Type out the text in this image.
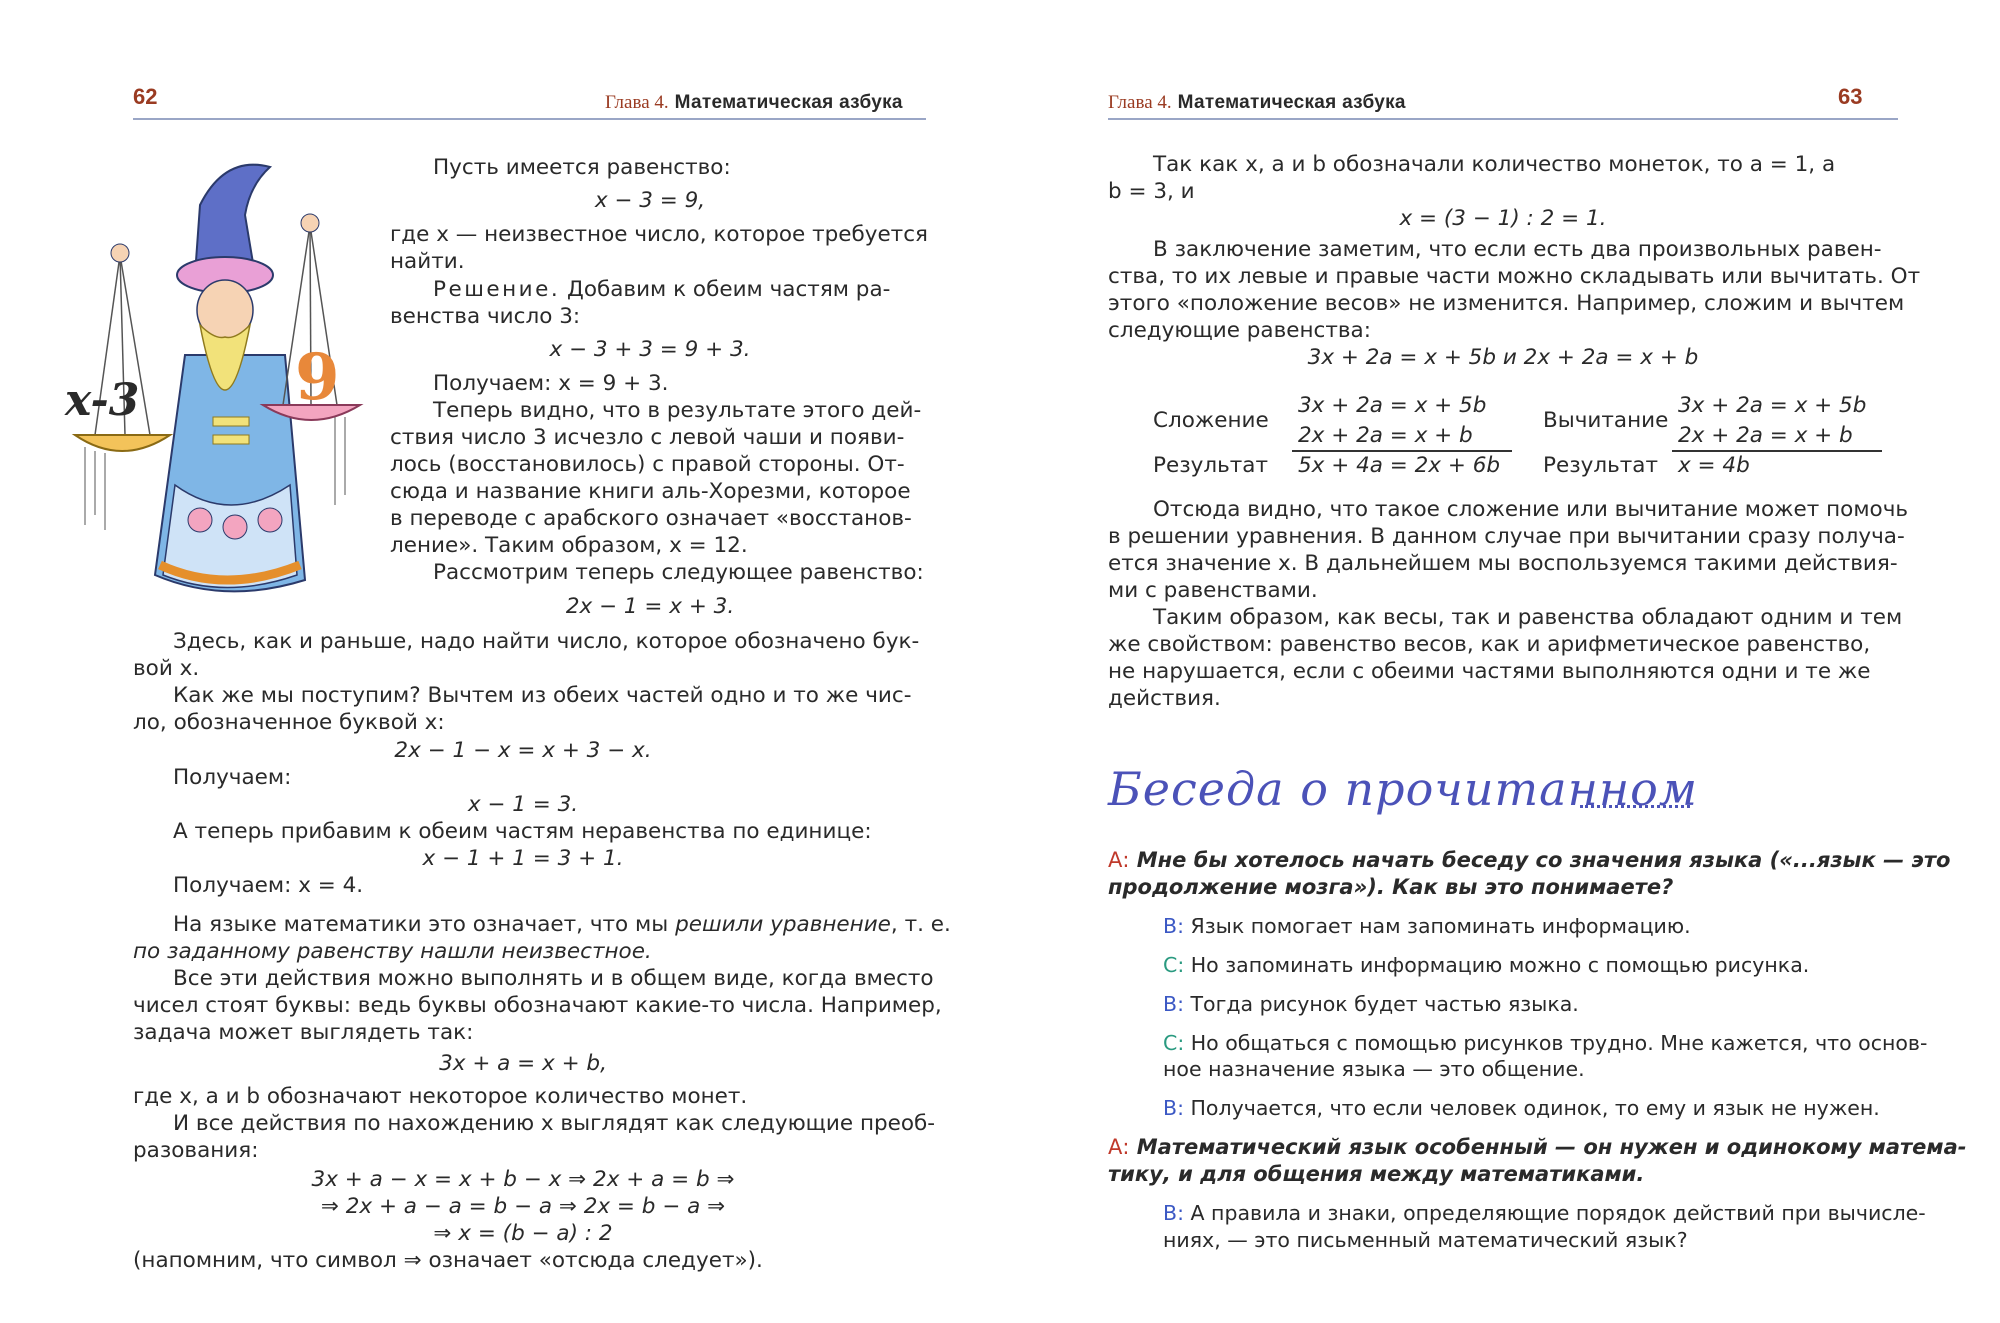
62	Глава 4. Математическая азбука
x-3 9
Пусть имеется равенство:
x − 3 = 9,
где x — неизвестное число, которое требуется
найти.
Решение. Добавим к обеим частям ра-
венства число 3:
x − 3 + 3 = 9 + 3.
Получаем: x = 9 + 3.
Теперь видно, что в результате этого дей-
ствия число 3 исчезло с левой чаши и появи-
лось (восстановилось) с правой стороны. От-
сюда и название книги аль-Хорезми, которое
в переводе с арабского означает «восстанов-
ление». Таким образом, x = 12.
Рассмотрим теперь следующее равенство:
2x − 1 = x + 3.
Здесь, как и раньше, надо найти число, которое обозначено бук-
вой x.
Как же мы поступим? Вычтем из обеих частей одно и то же чис-
ло, обозначенное буквой x:
2x − 1 − x = x + 3 − x.
Получаем:
x − 1 = 3.
А теперь прибавим к обеим частям неравенства по единице:
x − 1 + 1 = 3 + 1.
Получаем: x = 4.
На языке математики это означает, что мы решили уравнение, т. е.
по заданному равенству нашли неизвестное.
Все эти действия можно выполнять и в общем виде, когда вместо
чисел стоят буквы: ведь буквы обозначают какие-то числа. Например,
задача может выглядеть так:
3x + a = x + b,
где x, a и b обозначают некоторое количество монет.
И все действия по нахождению x выглядят как следующие преоб-
разования:
3x + a − x = x + b − x ⇒ 2x + a = b ⇒
⇒ 2x + a − a = b − a ⇒ 2x = b − a ⇒
⇒ x = (b − a) : 2
(напомним, что символ ⇒ означает «отсюда следует»).
Глава 4. Математическая азбука	63
Так как x, a и b обозначали количество монеток, то a = 1, а
b = 3, и
x = (3 − 1) : 2 = 1.
В заключение заметим, что если есть два произвольных равен-
ства, то их левые и правые части можно складывать или вычитать. От
этого «положение весов» не изменится. Например, сложим и вычтем
следующие равенства:
3x + 2a = x + 5b и 2x + 2a = x + b
Сложение
3x + 2a = x + 5b
2x + 2a = x + b
Результат 5x + 4a = 2x + 6b
Вычитание
3x + 2a = x + 5b
2x + 2a = x + b
Результат x = 4b
Отсюда видно, что такое сложение или вычитание может помочь
в решении уравнения. В данном случае при вычитании сразу получа-
ется значение x. В дальнейшем мы воспользуемся такими действия-
ми с равенствами.
Таким образом, как весы, так и равенства обладают одним и тем
же свойством: равенство весов, как и арифметическое равенство,
не нарушается, если с обеими частями выполняются одни и те же
действия.
Беседа о прочитанном
А: Мне бы хотелось начать беседу со значения языка («...язык — это
продолжение мозга»). Как вы это понимаете?
В: Язык помогает нам запоминать информацию.
С: Но запоминать информацию можно с помощью рисунка.
В: Тогда рисунок будет частью языка.
С: Но общаться с помощью рисунков трудно. Мне кажется, что основ-
ное назначение языка — это общение.
В: Получается, что если человек одинок, то ему и язык не нужен.
А: Математический язык особенный — он нужен и одинокому матема-
тику, и для общения между математиками.
В: А правила и знаки, определяющие порядок действий при вычисле-
ниях, — это письменный математический язык?
